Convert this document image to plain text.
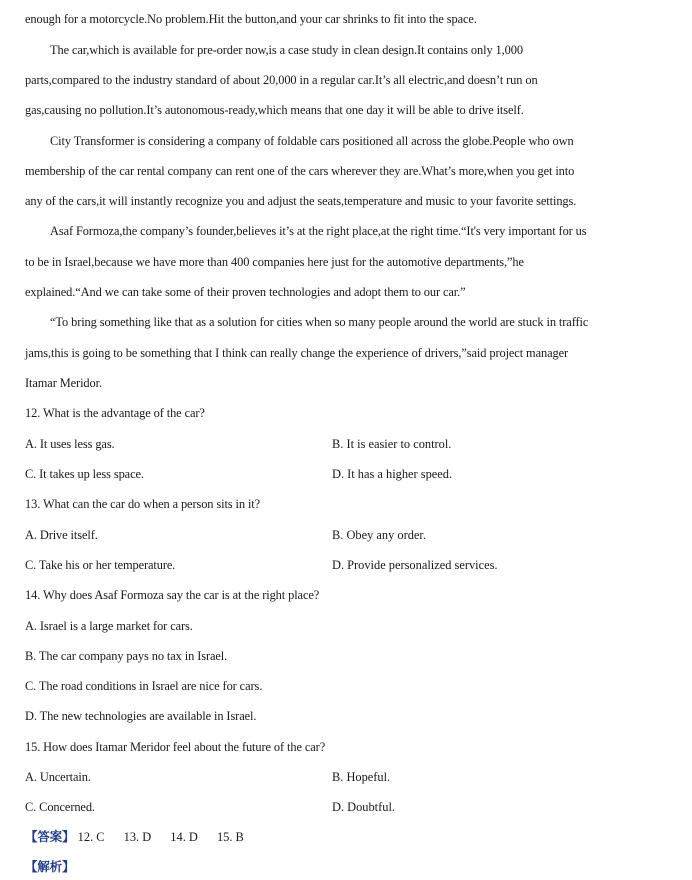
enough for a motorcycle.No problem.Hit the button,and your car shrinks to fit into the space.
The car,which is available for pre-order now,is a case study in clean design.It contains only 1,000
parts,compared to the industry standard of about 20,000 in a regular car.It’s all electric,and doesn’t run on
gas,causing no pollution.It’s autonomous-ready,which means that one day it will be able to drive itself.
City Transformer is considering a company of foldable cars positioned all across the globe.People who own
membership of the car rental company can rent one of the cars wherever they are.What’s more,when you get into
any of the cars,it will instantly recognize you and adjust the seats,temperature and music to your favorite settings.
Asaf Formoza,the company’s founder,believes it’s at the right place,at the right time.“It's very important for us
to be in Israel,because we have more than 400 companies here just for the automotive departments,”he
explained.“And we can take some of their proven technologies and adopt them to our car.”
“To bring something like that as a solution for cities when so many people around the world are stuck in traffic
jams,this is going to be something that I think can really change the experience of drivers,”said project manager
Itamar Meridor.
12. What is the advantage of the car?
A. It uses less gas.	B. It is easier to control.
C. It takes up less space.	D. It has a higher speed.
13. What can the car do when a person sits in it?
A. Drive itself.	B. Obey any order.
C. Take his or her temperature.	D. Provide personalized services.
14. Why does Asaf Formoza say the car is at the right place?
A. Israel is a large market for cars.
B. The car company pays no tax in Israel.
C. The road conditions in Israel are nice for cars.
D. The new technologies are available in Israel.
15. How does Itamar Meridor feel about the future of the car?
A. Uncertain.	B. Hopeful.
C. Concerned.	D. Doubtful.
【答案】 12. C 13. D 14. D 15. B
【解析】
